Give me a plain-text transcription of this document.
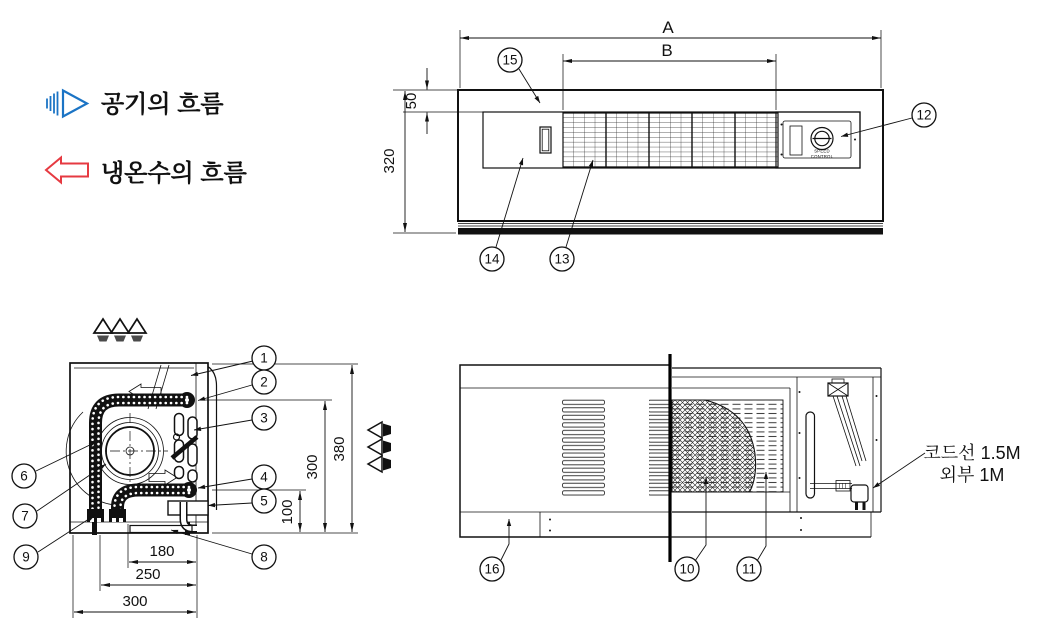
공기의 흐름
냉온수의 흐름
SPEED
CONTROL
A
B
50
320
15
12
14	13
380
300
100
180
250
300
1
2
3
4
5
8
6
7
9
코드선 1.5M
외부 1M
16	10	11
